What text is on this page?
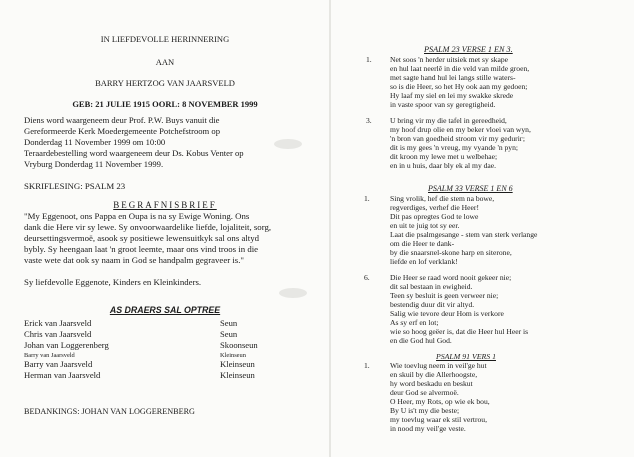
IN LIEFDEVOLLE HERINNERING
AAN
BARRY HERTZOG VAN JAARSVELD
GEB: 21 JULIE 1915 OORL: 8 NOVEMBER 1999
Diens word waargeneem deur Prof. P.W. Buys vanuit die
Gereformeerde Kerk Moedergemeente Potchefstroom op
Donderdag 11 November 1999 om 10:00
Teraardebestelling word waargeneem deur Ds. Kobus Venter op
Vryburg Donderdag 11 November 1999.
SKRIFLESING: PSALM 23
BEGRAFNISBRIEF
"My Eggenoot, ons Pappa en Oupa is na sy Ewige Woning. Ons
dank die Here vir sy lewe. Sy onvoorwaardelike liefde, lojaliteit, sorg,
deursettingsvermoë, asook sy positiewe lewensuitkyk sal ons altyd
bybly. Sy heengaan laat 'n groot leemte, maar ons vind troos in die
vaste wete dat ook sy naam in God se handpalm gegraveer is."
Sy liefdevolle Eggenote, Kinders en Kleinkinders.
AS DRAERS SAL OPTREE
Erick van Jaarsveld	Seun
Chris van Jaarsveld	Seun
Johan van Loggerenberg	Skoonseun
Barry van Jaarsveld	Kleinseun
Barry van Jaarsveld	Kleinseun
Herman van Jaarsveld	Kleinseun
BEDANKINGS: JOHAN VAN LOGGERENBERG
PSALM 23 VERSE 1 EN 3.
1. Net soos 'n herder uitsiek met sy skape
en hul laat neerlê in die veld van milde groen,
met sagte hand hul lei langs stille waters-
so is die Heer, so het Hy ook aan my gedoen;
Hy laaf my siel en lei my swakke skrede
in vaste spoor van sy geregtigheid.
3. U bring vir my die tafel in gereedheid,
my hoof drup olie en my beker vloei van wyn,
'n bron van goedheid stroom vir my geduriг;
dit is my gees 'n vreug, my vyande 'n pyn;
dit kroon my lewe met u welbehae;
en in u huis, daar bly ek al my dae.
PSALM 33 VERSE 1 EN 6
1.	Sing vrolik, hef die stem na bowe,
regverdiges, verhef die Heer!
Dit pas opregtes God te lowe
en uit te juig tot sy eer.
Laat die psalmgesange - stem van sterk verlange
om die Heer te dank-
by die snaarsпel-skone harp en siterone,
liefde en lof verklank!
6.	Die Heer se raad word nooit gekeer nie;
dit sal bestaan in ewigheid.
Teen sy besluit is geen verweer nie;
bestendig duur dit vir altyd.
Salig wie tevore deur Hom is verkore
As sy erf en lot;
wie so hoog geëer is, dat die Heer hul Heer is
en die God hul God.
PSALM 91 VERS 1
1.	Wie toevlug neem in veil'ge hut
en skuil by die Allerhoogste,
hy word beskadu en beskut
deur God se alvermoë.
O Heer, my Rots, op wie ek bou,
By U is't my die beste;
my toevlug waar ek stil vertrou,
in nood my veil'ge veste.
